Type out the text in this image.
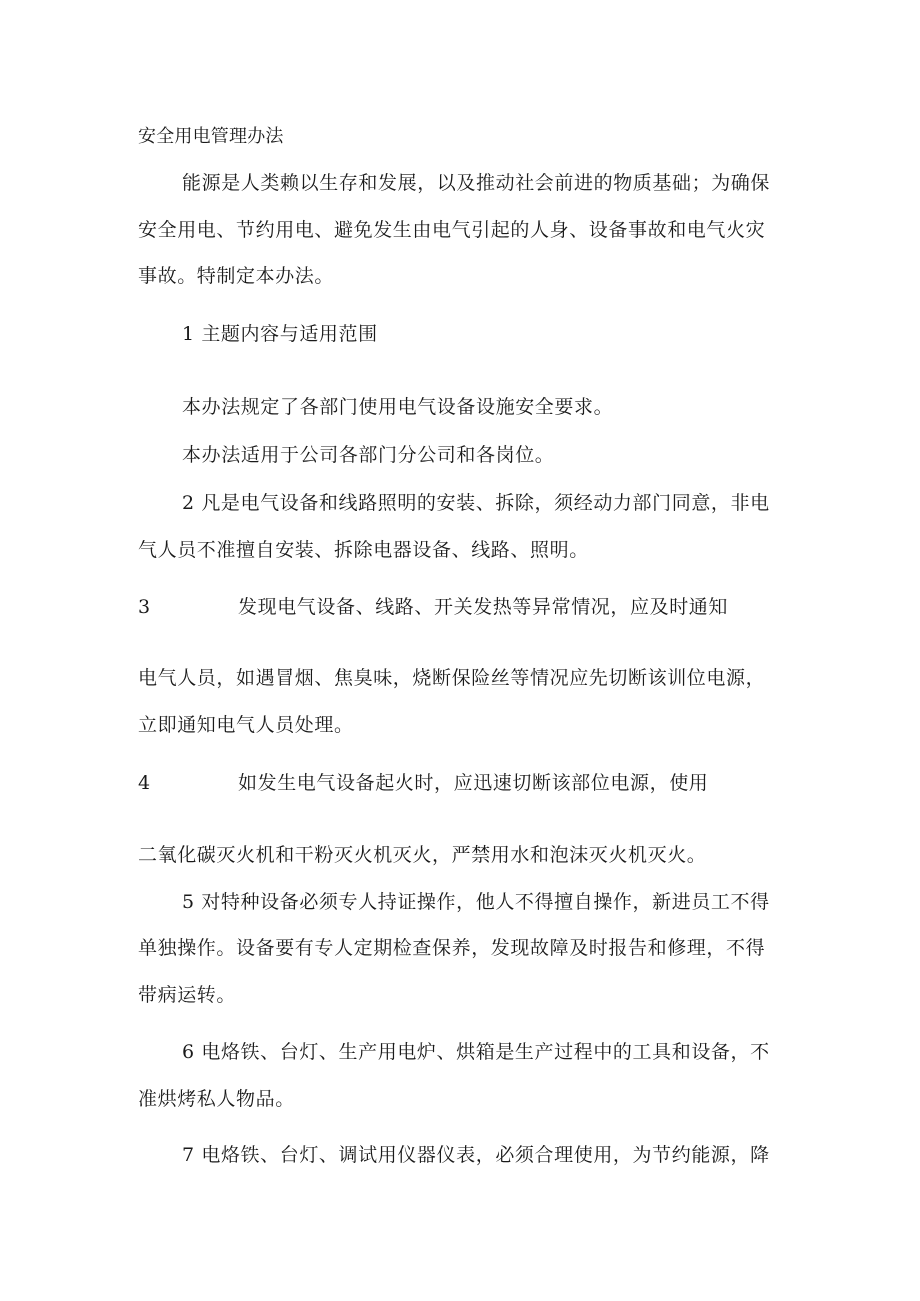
安全用电管理办法
能源是人类赖以生存和发展，以及推动社会前进的物质基础；为确保
安全用电、节约用电、避免发生由电气引起的人身、设备事故和电气火灾
事故。特制定本办法。
1 主题内容与适用范围
本办法规定了各部门使用电气设备设施安全要求。
本办法适用于公司各部门分公司和各岗位。
2 凡是电气设备和线路照明的安装、拆除，须经动力部门同意，非电
气人员不准擅自安装、拆除电器设备、线路、照明。
3	发现电气设备、线路、开关发热等异常情况，应及时通知
电气人员，如遇冒烟、焦臭味，烧断保险丝等情况应先切断该训位电源，
立即通知电气人员处理。
4	如发生电气设备起火时，应迅速切断该部位电源，使用
二氧化碳灭火机和干粉灭火机灭火，严禁用水和泡沫灭火机灭火。
5 对特种设备必须专人持证操作，他人不得擅自操作，新进员工不得
单独操作。设备要有专人定期检查保养，发现故障及时报告和修理，不得
带病运转。
6 电烙铁、台灯、生产用电炉、烘箱是生产过程中的工具和设备，不
准烘烤私人物品。
7 电烙铁、台灯、调试用仪器仪表，必须合理使用，为节约能源，降
